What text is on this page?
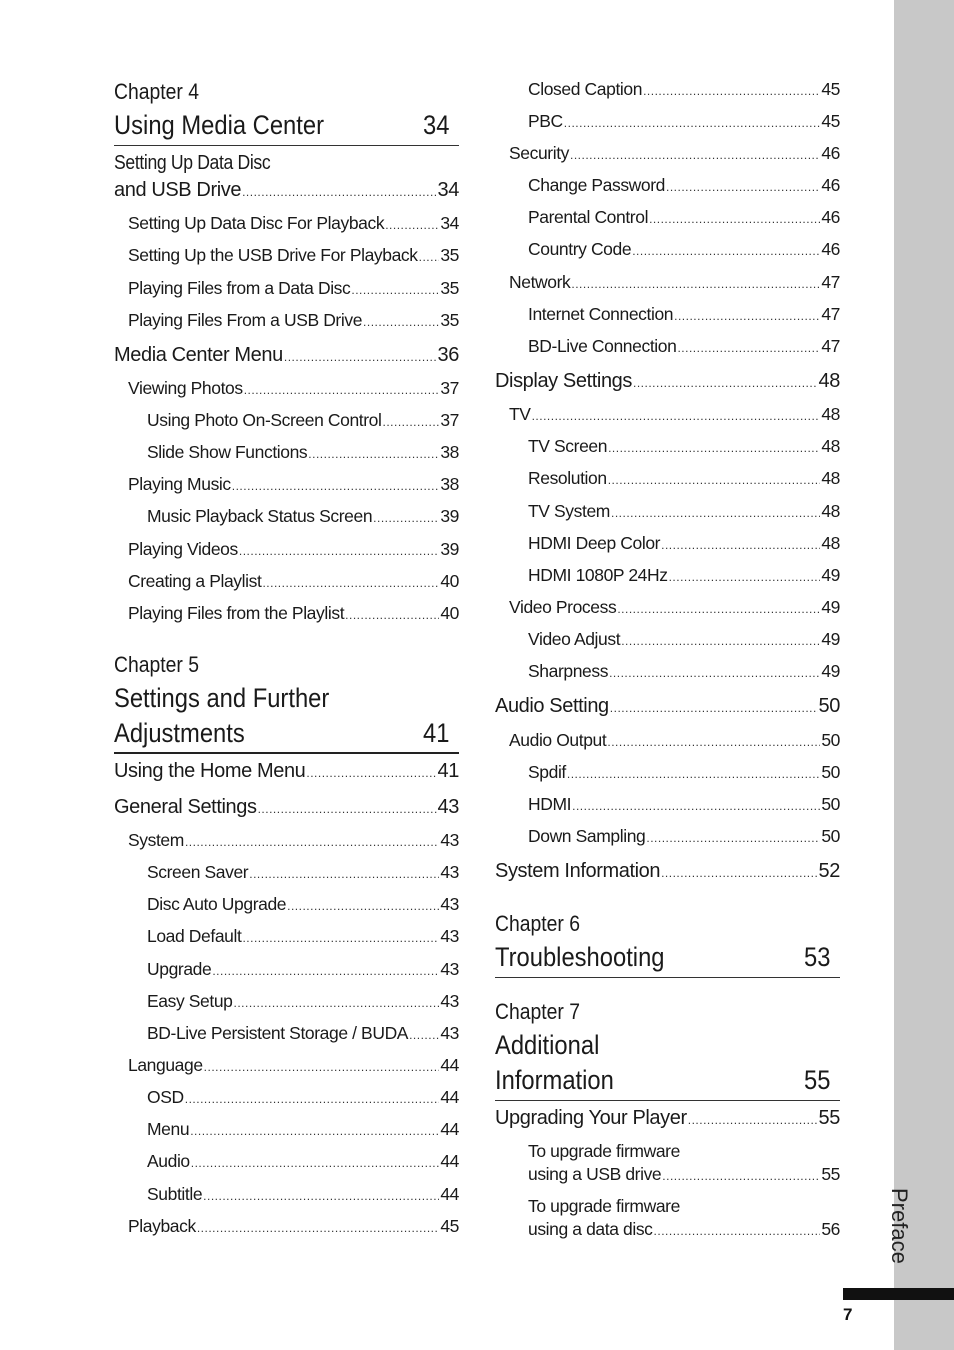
Chapter 4
Using Media Center	34
Setting Up Data Disc
and USB Drive .....	34
Setting Up Data Disc For Playback .....	34
Setting Up the USB Drive For Playback ..... 35
Playing Files from a Data Disc .....	35
Playing Files From a USB Drive .....	35
Media Center Menu .....	36
Viewing Photos .....	37
Using Photo On-Screen Control .....	37
Slide Show Functions .....	38
Playing Music .....	38
Music Playback Status Screen .....	39
Playing Videos .....	39
Creating a Playlist .....	40
Playing Files from the Playlist .....	40
Chapter 5
Settings and Further
Adjustments	41
Using the Home Menu .....	41
General Settings .....	43
System .....	43
Screen Saver .....	43
Disc Auto Upgrade .....	43
Load Default .....	43
Upgrade .....	43
Easy Setup .....	43
BD-Live Persistent Storage / BUDA ..... 43
Language .....	44
OSD .....	44
Menu .....	44
Audio .....	44
Subtitle .....	44
Playback .....	45
Closed Caption .....	45
PBC .....	45
Security .....	46
Change Password .....	46
Parental Control .....	46
Country Code .....	46
Network .....	47
Internet Connection .....	47
BD-Live Connection .....	47
Display Settings .....	48
TV .....	48
TV Screen .....	48
Resolution .....	48
TV System .....	48
HDMI Deep Color .....	48
HDMI 1080P 24Hz .....	49
Video Process .....	49
Video Adjust .....	49
Sharpness .....	49
Audio Setting .....	50
Audio Output .....	50
Spdif .....	50
HDMI .....	50
Down Sampling .....	50
System Information .....	52
Chapter 6
Troubleshooting	53
Chapter 7
Additional
Information	55
Upgrading Your Player .....	55
To upgrade firmware
using a USB drive .....	55
To upgrade firmware
using a data disc .....	56 Preface
7
